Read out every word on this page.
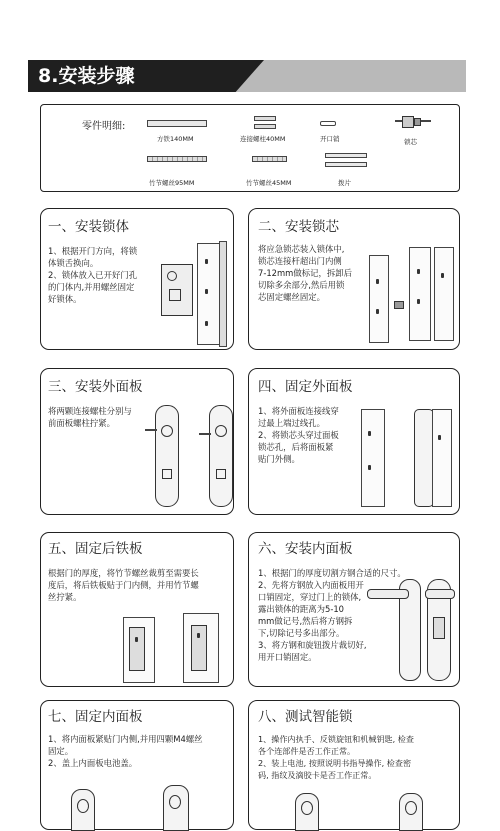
8.安装步骤
零件明细:
方铁140MM	连接螺柱40MM	开口销	锁芯
竹节螺丝95MM	竹节螺丝45MM	拨片
一、安装锁体
1、根据开门方向，将锁
体锁舌换向。
2、锁体放入已开好门孔
的门体内,并用螺丝固定
好锁体。
二、安装锁芯
将应急锁芯装入锁体中,
锁芯连接杆超出门内侧
7-12mm做标记，拆卸后
切除多余部分,然后用锁
芯固定螺丝固定。
三、安装外面板
将两颗连接螺柱分别与
前面板螺柱拧紧。
四、固定外面板
1、将外面板连接线穿
过最上端过线孔。
2、将锁芯头穿过面板
锁芯孔，后将面板紧
贴门外侧。
五、固定后铁板
根据门的厚度，将竹节螺丝裁剪至需要长
度后，将后铁板贴于门内侧，并用竹节螺
丝拧紧。
六、安装内面板
1、根据门的厚度切割方钢合适的尺寸。
2、先将方钢放入内面板用开
口销固定，穿过门上的锁体,
露出锁体的距离为5-10
mm做记号,然后将方钢拆
下,切除记号多出部分。
3、将方钢和旋钮拨片裁切好,
用开口销固定。
七、固定内面板
1、将内面板紧贴门内侧,并用四颗M4螺丝
固定。
2、盖上内面板电池盖。
八、测试智能锁
1、操作内执手、反锁旋钮和机械钥匙, 检查
各个连部件是否工作正常。
2、装上电池, 按照说明书指导操作, 检查密
码, 指纹及滴胶卡是否工作正常。
